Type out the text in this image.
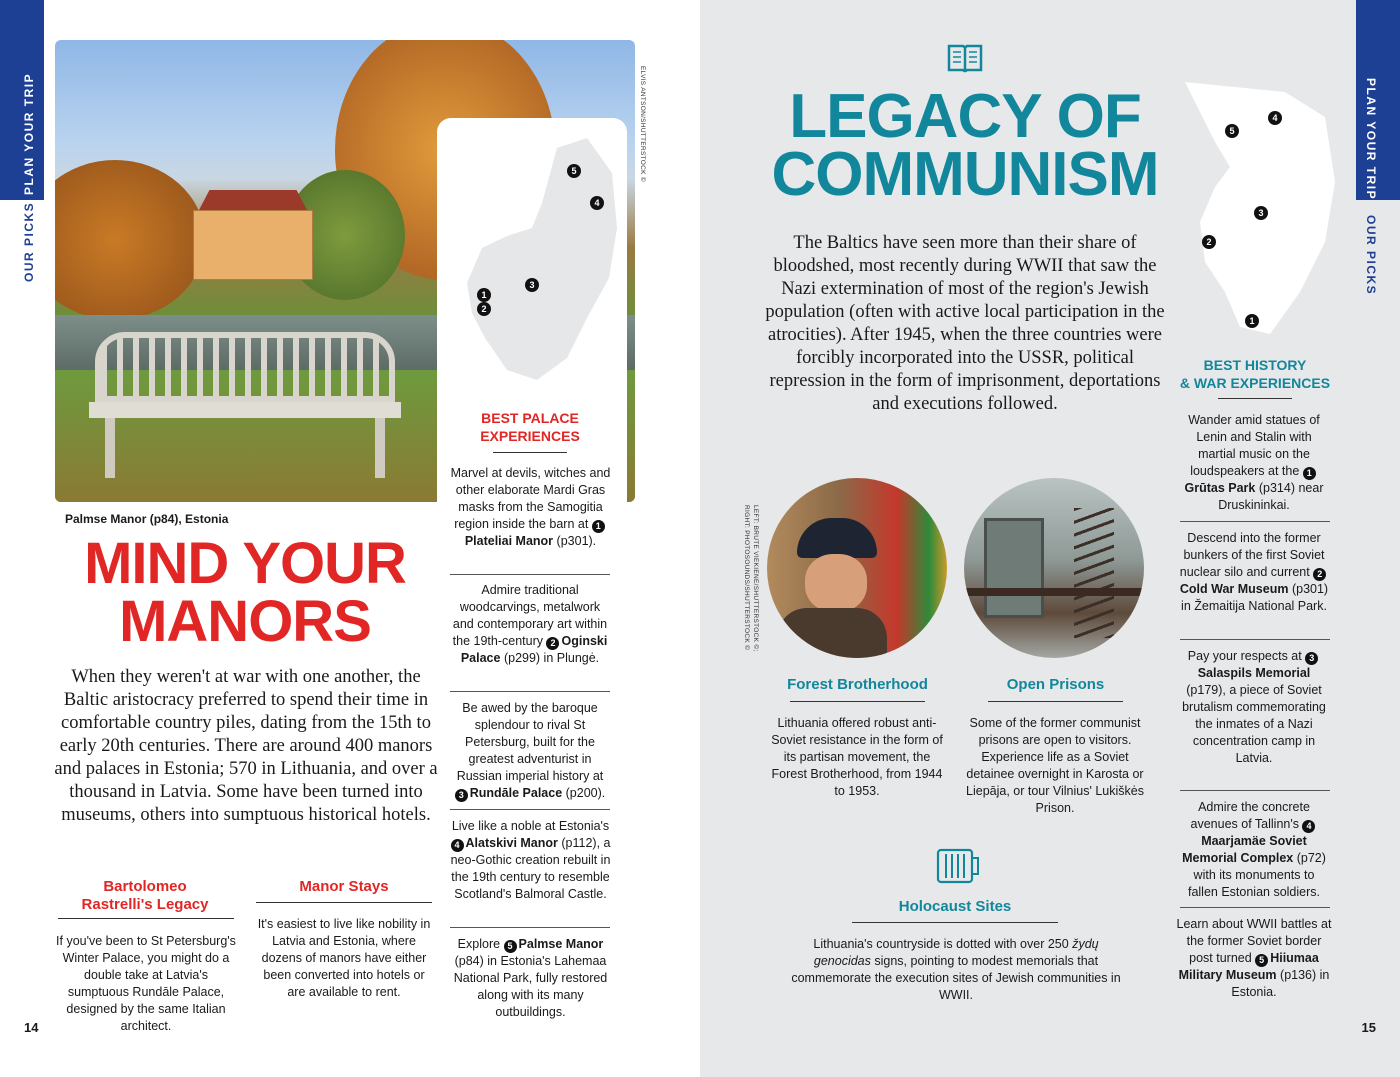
PLAN YOUR TRIP
OUR PICKS
1
2
3
4
5	ELVIS ANTSON/SHUTTERSTOCK ©
Palmse Manor (p84), Estonia
MIND YOUR
MANORS
When they weren't at war with one another, the Baltic aristocracy preferred to spend their time in comfortable country piles, dating from the 15th to early 20th centuries. There are around 400 manors and palaces in Estonia; 570 in Lithuania, and over a thousand in Latvia. Some have been turned into museums, others into sumptuous historical hotels.
Bartolomeo
Rastrelli's Legacy
If you've been to St Petersburg's Winter Palace, you might do a double take at Latvia's sumptuous Rundāle Palace, designed by the same Italian architect.
Manor Stays
It's easiest to live like nobility in Latvia and Estonia, where dozens of manors have either been converted into hotels or are available to rent.
BEST PALACE
EXPERIENCES
Marvel at devils, witches and other elaborate Mardi Gras masks from the Samogitia region inside the barn at 1Plateliai Manor (p301).
Admire traditional woodcarvings, metalwork and contemporary art within the 19th-century 2 Oginski Palace (p299) in Plungė.
Be awed by the baroque splendour to rival St Petersburg, built for the greatest adventurist in Russian imperial history at 3 Rundāle Palace (p200).
Live like a noble at Estonia's 4 Alatskivi Manor (p112), a neo-Gothic creation rebuilt in the 19th century to resemble Scotland's Balmoral Castle.
Explore 5 Palmse Manor (p84) in Estonia's Lahemaa National Park, fully restored along with its many outbuildings.
14
PLAN YOUR TRIP
OUR PICKS
15
LEGACY OF
COMMUNISM
The Baltics have seen more than their share of bloodshed, most recently during WWII that saw the Nazi extermination of most of the region's Jewish population (often with active local participation in the atrocities). After 1945, when the three countries were forcibly incorporated into the USSR, political repression in the form of imprisonment, deportations and executions followed.
1
2
3
4
5
BEST HISTORY
& WAR EXPERIENCES
Wander amid statues of Lenin and Stalin with martial music on the loudspeakers at the 1Grūtas Park (p314) near Druskininkai.
Descend into the former bunkers of the first Soviet nuclear silo and current 2Cold War Museum (p301) in Žemaitija National Park.
Pay your respects at 3Salaspils Memorial (p179), a piece of Soviet brutalism commemorating the inmates of a Nazi concentration camp in Latvia.
Admire the concrete avenues of Tallinn's 4Maarjamäe Soviet Memorial Complex (p72) with its monuments to fallen Estonian soldiers.
Learn about WWII battles at the former Soviet border post turned 5 Hiiumaa Military Museum (p136) in Estonia.
LEFT: BRUTE VIEKIENE/SHUTTERSTOCK ©;
RIGHT: PHOTOSOUNDS/SHUTTERSTOCK ©
Forest Brotherhood
Lithuania offered robust anti-Soviet resistance in the form of its partisan movement, the Forest Brotherhood, from 1944 to 1953.
Open Prisons
Some of the former communist prisons are open to visitors. Experience life as a Soviet detainee overnight in Karosta or Liepāja, or tour Vilnius' Lukiškės Prison.
Holocaust Sites
Lithuania's countryside is dotted with over 250 žydų genocidas signs, pointing to modest memorials that commemorate the execution sites of Jewish communities in WWII.
